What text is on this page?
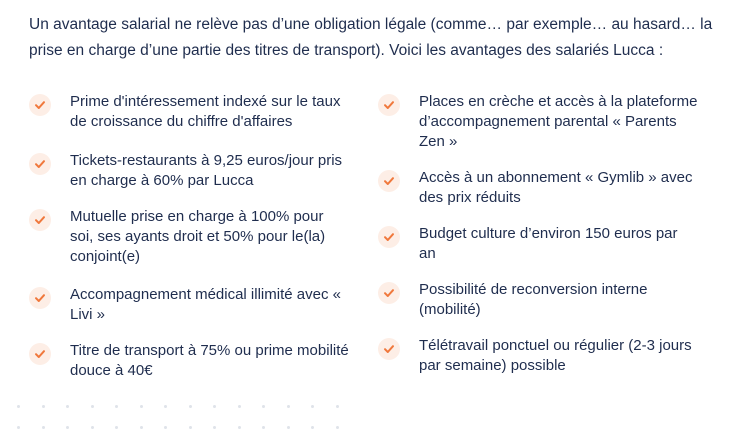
Un avantage salarial ne relève pas d’une obligation légale (comme… par exemple… au hasard… la prise en charge d’une partie des titres de transport). Voici les avantages des salariés Lucca :

Prime d'intéressement indexé sur le taux de croissance du chiffre d'affaires
Tickets-restaurants à 9,25 euros/jour pris en charge à 60% par Lucca
Mutuelle prise en charge à 100% pour soi, ses ayants droit et 50% pour le(la) conjoint(e)
Accompagnement médical illimité avec « Livi »
Titre de transport à 75% ou prime mobilité douce à 40€
Places en crèche et accès à la plateforme d’accompagnement parental « Parents Zen »
Accès à un abonnement « Gymlib » avec des prix réduits
Budget culture d’environ 150 euros par an
Possibilité de reconversion interne (mobilité)
Télétravail ponctuel ou régulier (2-3 jours par semaine) possible
